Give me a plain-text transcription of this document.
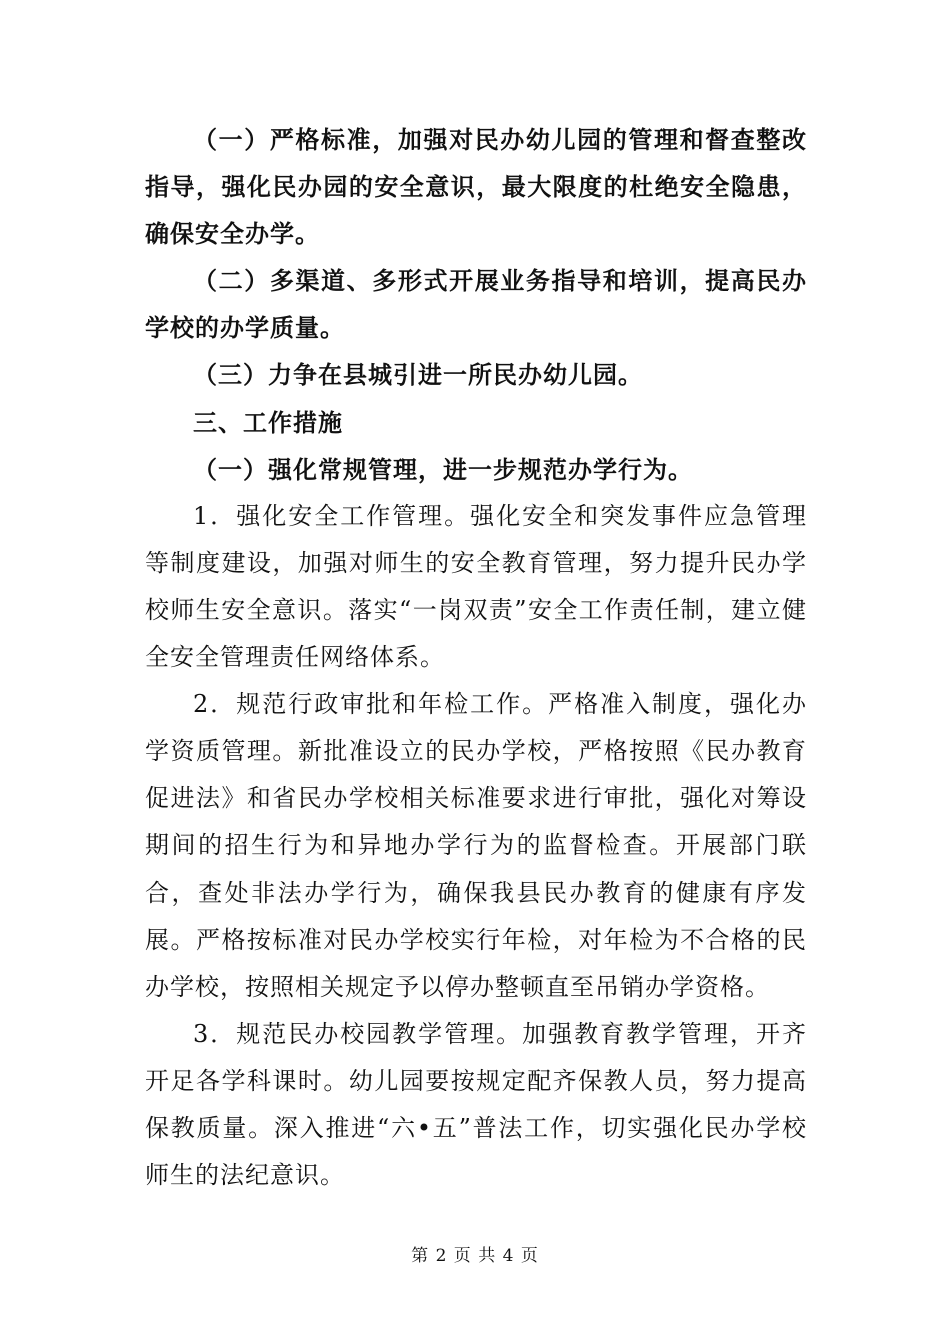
（一）严格标准，加强对民办幼儿园的管理和督查整改指导，强化民办园的安全意识，最大限度的杜绝安全隐患，确保安全办学。

（二）多渠道、多形式开展业务指导和培训，提高民办学校的办学质量。

（三）力争在县城引进一所民办幼儿园。

三、工作措施

（一）强化常规管理，进一步规范办学行为。

1．强化安全工作管理。强化安全和突发事件应急管理等制度建设，加强对师生的安全教育管理，努力提升民办学校师生安全意识。落实“一岗双责”安全工作责任制，建立健全安全管理责任网络体系。

2．规范行政审批和年检工作。严格准入制度，强化办学资质管理。新批准设立的民办学校，严格按照《民办教育促进法》和省民办学校相关标准要求进行审批，强化对筹设期间的招生行为和异地办学行为的监督检查。开展部门联合，查处非法办学行为，确保我县民办教育的健康有序发展。严格按标准对民办学校实行年检，对年检为不合格的民办学校，按照相关规定予以停办整顿直至吊销办学资格。

3．规范民办校园教学管理。加强教育教学管理，开齐开足各学科课时。幼儿园要按规定配齐保教人员，努力提高保教质量。深入推进“六•五”普法工作，切实强化民办学校师生的法纪意识。

第 2 页 共 4 页
